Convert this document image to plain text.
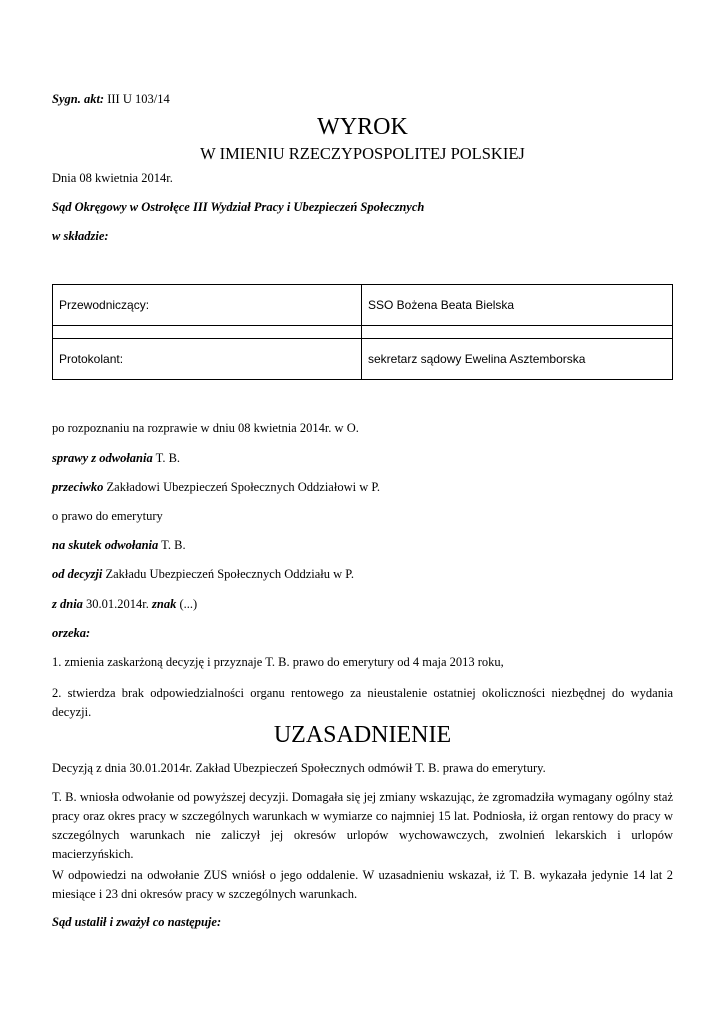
Sygn. akt: III U 103/14
WYROK
W IMIENIU RZECZYPOSPOLITEJ POLSKIEJ
Dnia 08 kwietnia 2014r.
Sąd Okręgowy w Ostrołęce III Wydział Pracy i Ubezpieczeń Społecznych
w składzie:
Przewodniczący:	SSO Bożena Beata Bielska

Protokolant:	sekretarz sądowy Ewelina Asztemborska
po rozpoznaniu na rozprawie w dniu 08 kwietnia 2014r. w O.
sprawy z odwołania T. B.
przeciwko Zakładowi Ubezpieczeń Społecznych Oddziałowi w P.
o prawo do emerytury
na skutek odwołania T. B.
od decyzji Zakładu Ubezpieczeń Społecznych Oddziału w P.
z dnia 30.01.2014r. znak (...)
orzeka:
1. zmienia zaskarżoną decyzję i przyznaje T. B. prawo do emerytury od 4 maja 2013 roku,
2. stwierdza brak odpowiedzialności organu rentowego za nieustalenie ostatniej okoliczności niezbędnej do wydania decyzji.
UZASADNIENIE
Decyzją z dnia 30.01.2014r. Zakład Ubezpieczeń Społecznych odmówił T. B. prawa do emerytury.
T. B. wniosła odwołanie od powyższej decyzji. Domagała się jej zmiany wskazując, że zgromadziła wymagany ogólny staż pracy oraz okres pracy w szczególnych warunkach w wymiarze co najmniej 15 lat. Podniosła, iż organ rentowy do pracy w szczególnych warunkach nie zaliczył jej okresów urlopów wychowawczych, zwolnień lekarskich i urlopów macierzyńskich.
W odpowiedzi na odwołanie ZUS wniósł o jego oddalenie. W uzasadnieniu wskazał, iż T. B. wykazała jedynie 14 lat 2 miesiące i 23 dni okresów pracy w szczególnych warunkach.
Sąd ustalił i zważył co następuje:
